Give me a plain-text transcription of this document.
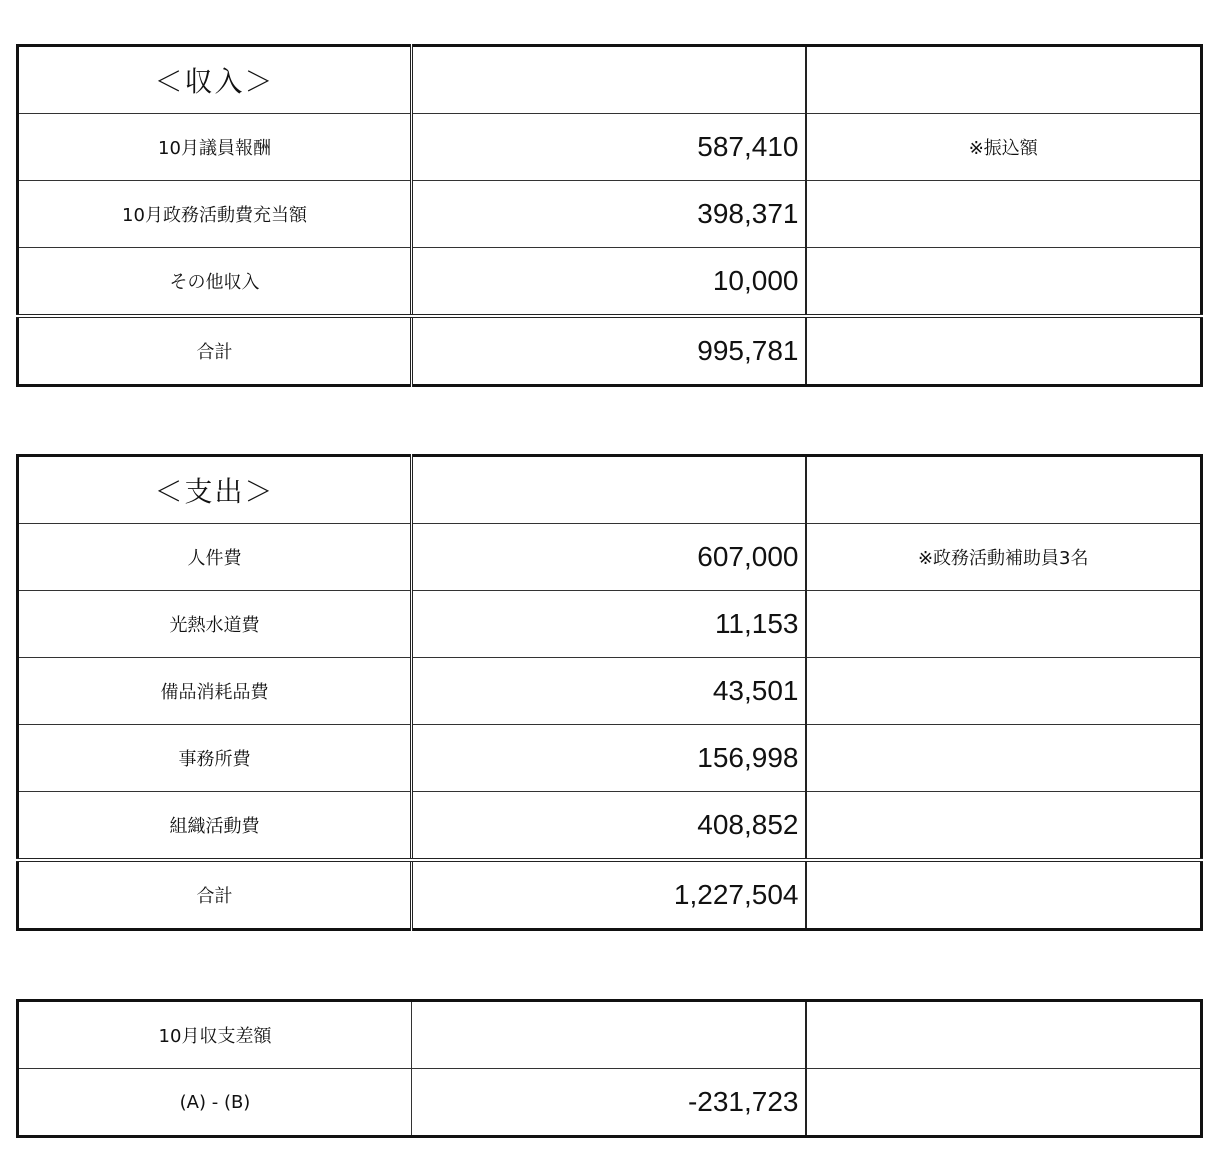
＜収入＞		
10月議員報酬	587,410	※振込額
10月政務活動費充当額	398,371	
その他収入	10,000	
合計	995,781	
＜支出＞		
人件費	607,000	※政務活動補助員3名
光熱水道費	11,153	
備品消耗品費	43,501	
事務所費	156,998	
組織活動費	408,852	
合計	1,227,504	
10月収支差額		
(A) - (B)	-231,723	
